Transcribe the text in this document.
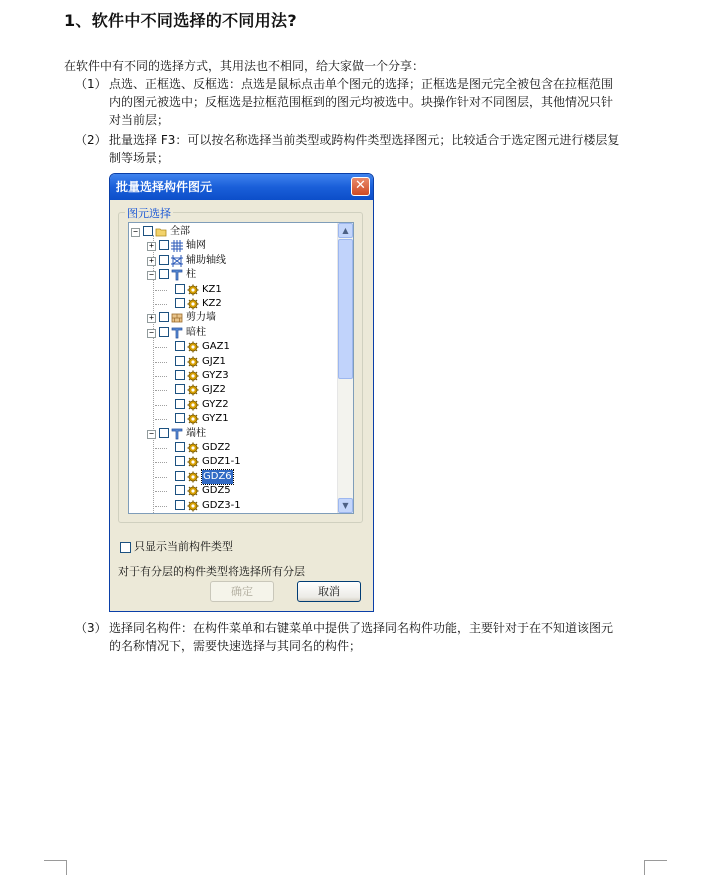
1、软件中不同选择的不同用法?
在软件中有不同的选择方式，其用法也不相同，给大家做一个分享：
（1） 点选、正框选、反框选：点选是鼠标点击单个图元的选择；正框选是图元完全被包含在拉框范围
内的图元被选中；反框选是拉框范围框到的图元均被选中。块操作针对不同图层，其他情况只针
对当前层；
（2） 批量选择 F3：可以按名称选择当前类型或跨构件类型选择图元；比较适合于选定图元进行楼层复
制等场景；
批量选择构件图元	✕
图元选择
−	全部
+	轴网
+	辅助轴线
−	柱
KZ1
KZ2
+	剪力墙
−	暗柱
GAZ1
GJZ1
GYZ3
GJZ2
GYZ2
GYZ1
−	端柱
GDZ2
GDZ1-1
GDZ6
GDZ5
GDZ3-1
▲
▼
只显示当前构件类型
对于有分层的构件类型将选择所有分层
确定	取消
（3） 选择同名构件：在构件菜单和右键菜单中提供了选择同名构件功能，主要针对于在不知道该图元
的名称情况下，需要快速选择与其同名的构件；
